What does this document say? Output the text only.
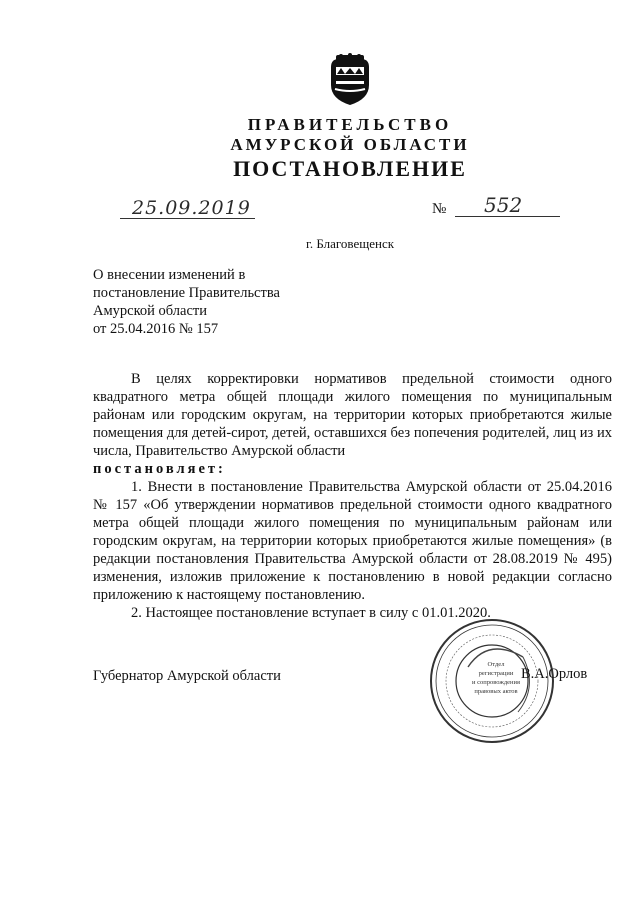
ПРАВИТЕЛЬСТВО
АМУРСКОЙ ОБЛАСТИ
ПОСТАНОВЛЕНИЕ
25.09.2019	№ 552
г. Благовещенск
О внесении изменений в
постановление Правительства
Амурской области
от 25.04.2016 № 157

В целях корректировки нормативов предельной стоимости одного квадратного метра общей площади жилого помещения по муниципальным районам или городским округам, на территории которых приобретаются жилые помещения для детей-сирот, детей, оставшихся без попечения родителей, лиц из их числа, Правительство Амурской области

постановляет:

1. Внести в постановление Правительства Амурской области от 25.04.2016 № 157 «Об утверждении нормативов предельной стоимости одного квадратного метра общей площади жилого помещения по муниципальным районам или городским округам, на территории которых приобретаются жилые помещения» (в редакции постановления Правительства Амурской области от 28.08.2019 № 495) изменения, изложив приложение к постановлению в новой редакции согласно приложению к настоящему постановлению.

2. Настоящее постановление вступает в силу с 01.01.2020.

Губернатор Амурской области
Отдел
регистрации
и сопровождения
правовых актов
В.А.Орлов
